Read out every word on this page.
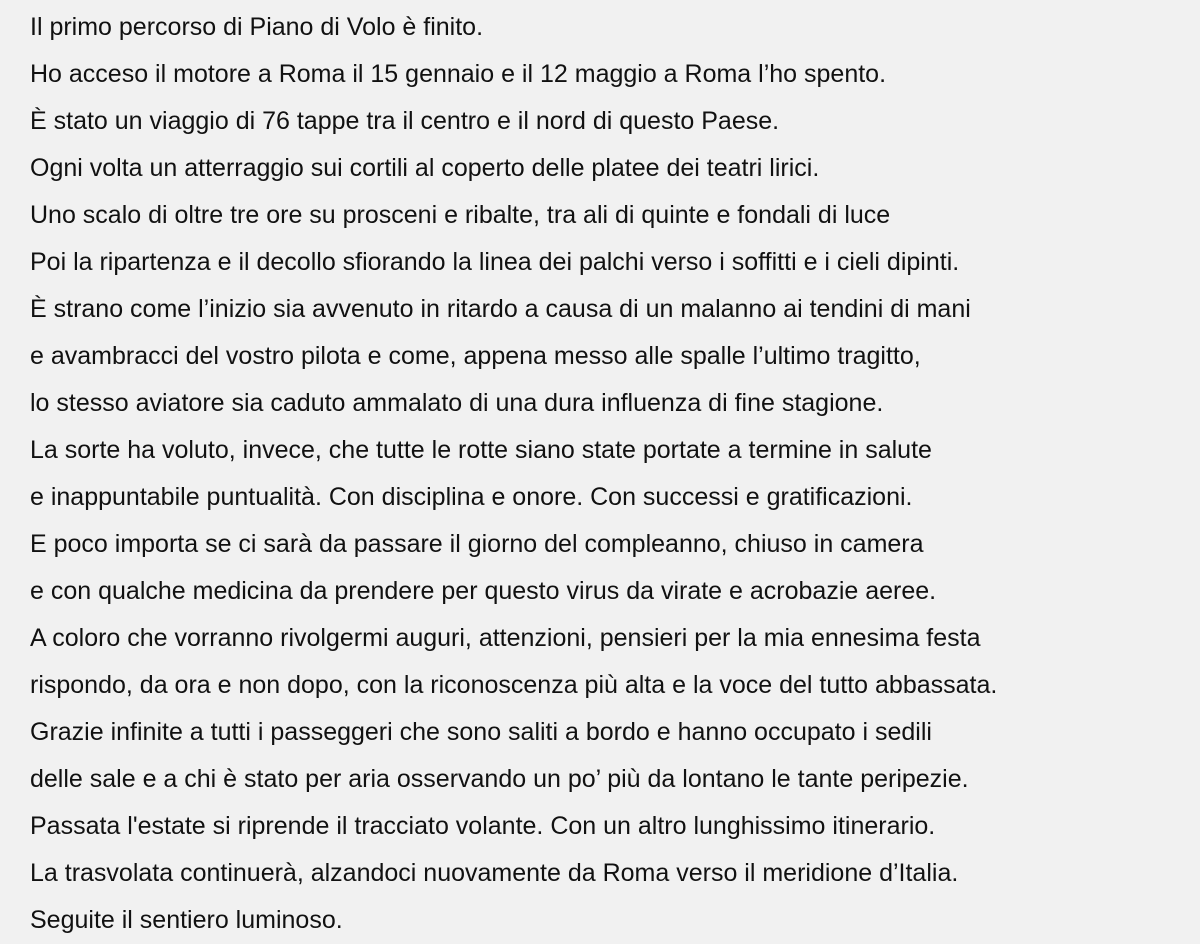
Il primo percorso di Piano di Volo è finito.
Ho acceso il motore a Roma il 15 gennaio e il 12 maggio a Roma l’ho spento.
È stato un viaggio di 76 tappe tra il centro e il nord di questo Paese.
Ogni volta un atterraggio sui cortili al coperto delle platee dei teatri lirici.
Uno scalo di oltre tre ore su prosceni e ribalte, tra ali di quinte e fondali di luce
Poi la ripartenza e il decollo sfiorando la linea dei palchi verso i soffitti e i cieli dipinti.
È strano come l’inizio sia avvenuto in ritardo a causa di un malanno ai tendini di mani
e avambracci del vostro pilota e come, appena messo alle spalle l’ultimo tragitto,
lo stesso aviatore sia caduto ammalato di una dura influenza di fine stagione.
La sorte ha voluto, invece, che tutte le rotte siano state portate a termine in salute
e inappuntabile puntualità. Con disciplina e onore. Con successi e gratificazioni.
E poco importa se ci sarà da passare il giorno del compleanno, chiuso in camera
e con qualche medicina da prendere per questo virus da virate e acrobazie aeree.
A coloro che vorranno rivolgermi auguri, attenzioni, pensieri per la mia ennesima festa
rispondo, da ora e non dopo, con la riconoscenza più alta e la voce del tutto abbassata.
Grazie infinite a tutti i passeggeri che sono saliti a bordo e hanno occupato i sedili
delle sale e a chi è stato per aria osservando un po’ più da lontano le tante peripezie.
Passata l'estate si riprende il tracciato volante. Con un altro lunghissimo itinerario.
La trasvolata continuerà, alzandoci nuovamente da Roma verso il meridione d’Italia.
Seguite il sentiero luminoso.
